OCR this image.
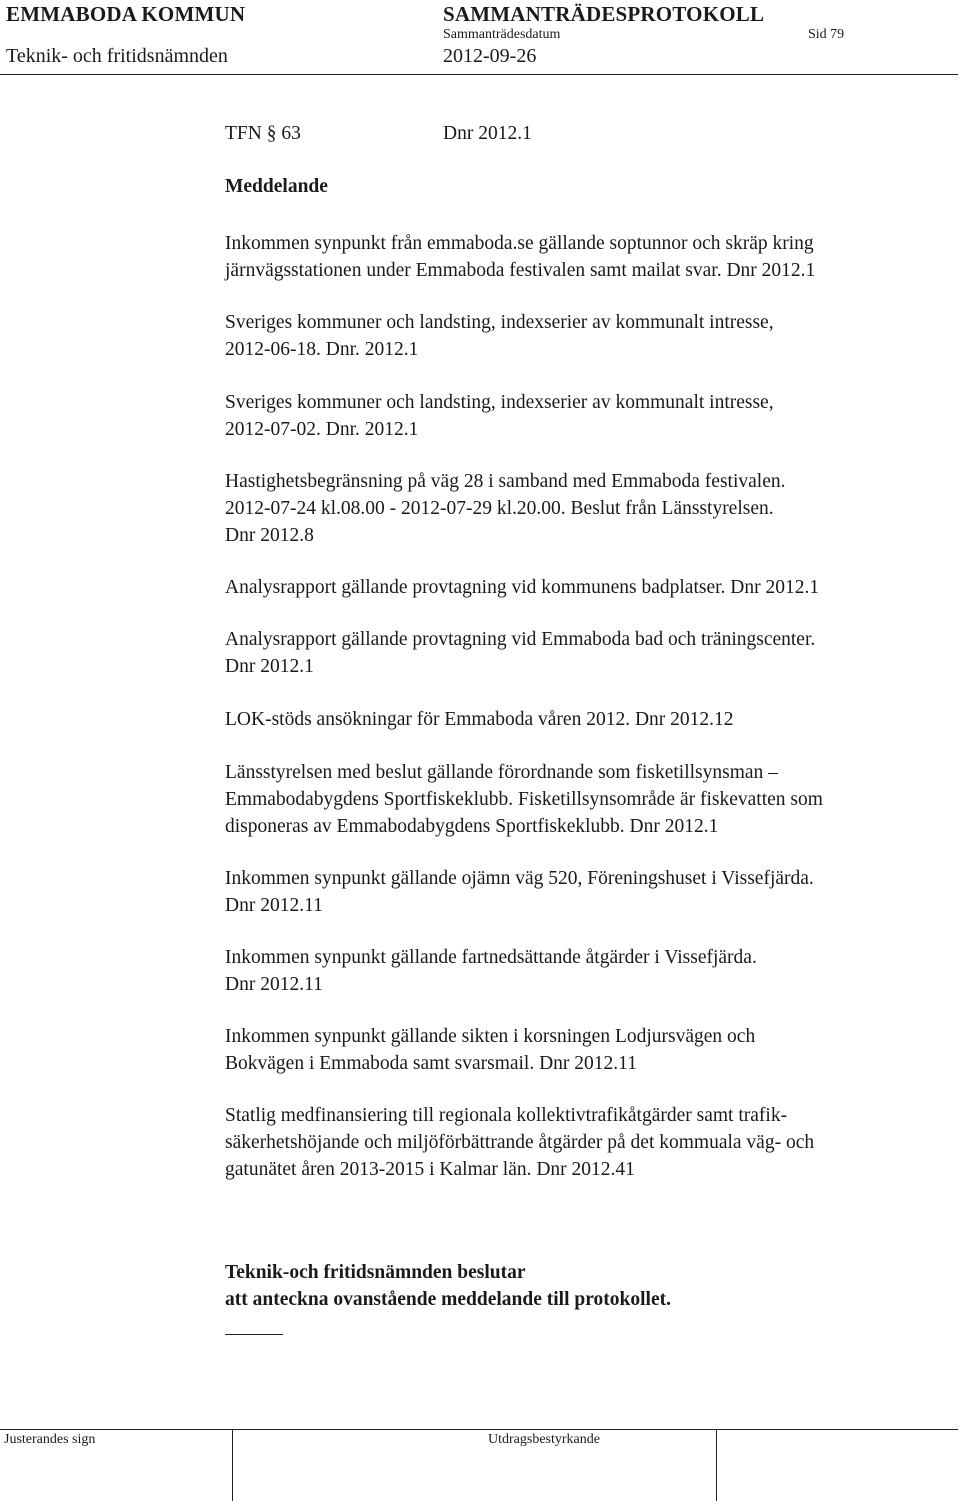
EMMABODA KOMMUN	SAMMANTRÄDESPROTOKOLL
Sammanträdesdatum	Sid 79
Teknik- och fritidsnämnden	2012-09-26
TFN § 63	Dnr 2012.1
Meddelande
Inkommen synpunkt från emmaboda.se gällande soptunnor och skräp kring
järnvägsstationen under Emmaboda festivalen samt mailat svar. Dnr 2012.1
Sveriges kommuner och landsting, indexserier av kommunalt intresse,
2012-06-18. Dnr. 2012.1
Sveriges kommuner och landsting, indexserier av kommunalt intresse,
2012-07-02. Dnr. 2012.1
Hastighetsbegränsning på väg 28 i samband med Emmaboda festivalen.
2012-07-24 kl.08.00 - 2012-07-29 kl.20.00. Beslut från Länsstyrelsen.
Dnr 2012.8
Analysrapport gällande provtagning vid kommunens badplatser. Dnr 2012.1
Analysrapport gällande provtagning vid Emmaboda bad och träningscenter.
Dnr 2012.1
LOK-stöds ansökningar för Emmaboda våren 2012. Dnr 2012.12
Länsstyrelsen med beslut gällande förordnande som fisketillsynsman –
Emmabodabygdens Sportfiskeklubb. Fisketillsynsområde är fiskevatten som
disponeras av Emmabodabygdens Sportfiskeklubb. Dnr 2012.1
Inkommen synpunkt gällande ojämn väg 520, Föreningshuset i Vissefjärda.
Dnr 2012.11
Inkommen synpunkt gällande fartnedsättande åtgärder i Vissefjärda.
Dnr 2012.11
Inkommen synpunkt gällande sikten i korsningen Lodjursvägen och
Bokvägen i Emmaboda samt svarsmail. Dnr 2012.11
Statlig medfinansiering till regionala kollektivtrafikåtgärder samt trafik-
säkerhetshöjande och miljöförbättrande åtgärder på det kommuala väg- och
gatunätet åren 2013-2015 i Kalmar län. Dnr 2012.41
Teknik-och fritidsnämnden beslutar
att anteckna ovanstående meddelande till protokollet.
Justerandes sign	Utdragsbestyrkande
